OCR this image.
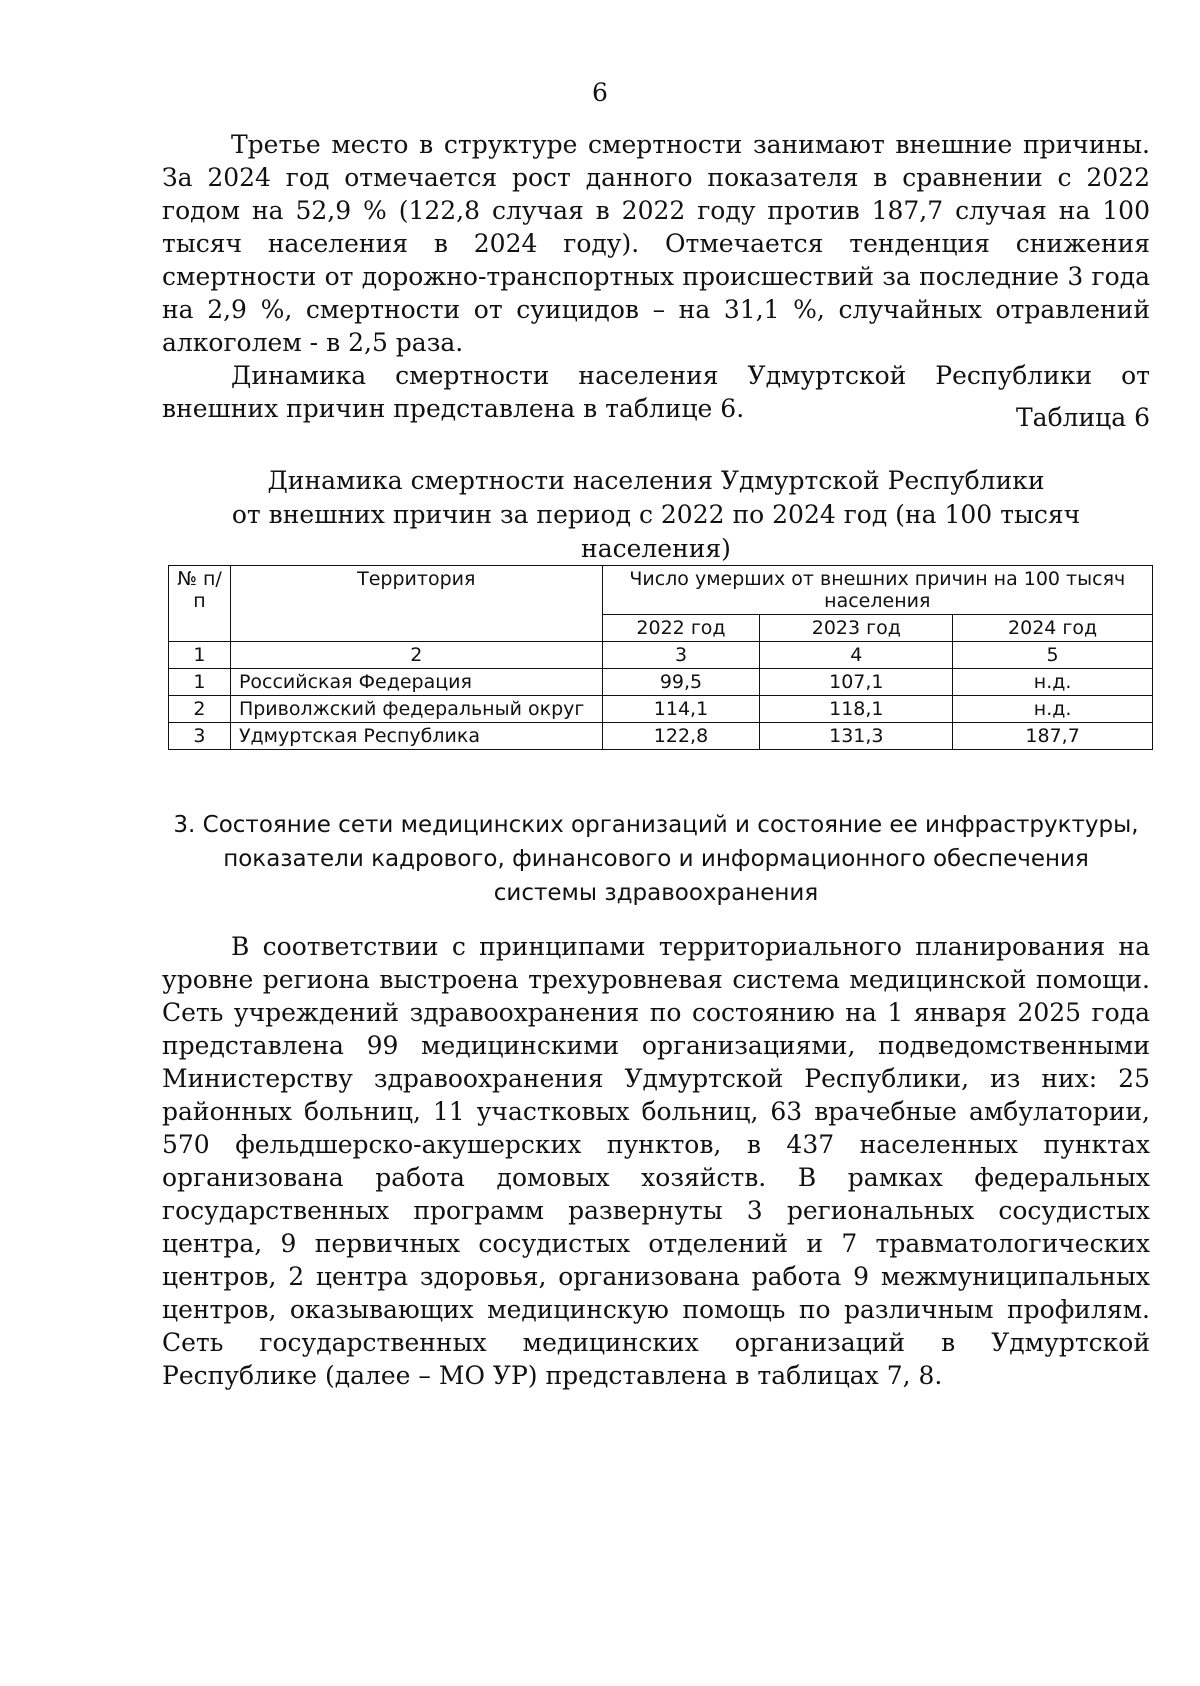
6

Третье место в структуре смертности занимают внешние причины. За 2024 год отмечается рост данного показателя в сравнении с 2022 годом на 52,9 % (122,8 случая в 2022 году против 187,7 случая на 100 тысяч населения в 2024 году). Отмечается тенденция снижения смертности от дорожно-транспортных происшествий за последние 3 года на 2,9 %, смертности от суицидов – на 31,1 %, случайных отравлений алкоголем - в 2,5 раза.

Динамика смертности населения Удмуртской Республики от внешних причин представлена в таблице 6.	Таблица 6
Динамика смертности населения Удмуртской Республики
от внешних причин за период с 2022 по 2024 год (на 100 тысяч населения)
№ п/п	Территория	Число умерших от внешних причин на 100 тысяч населения		
		2022 год	2023 год	2024 год
1	2	3	4	5
1	Российская Федерация	99,5	107,1	н.д.
2	Приволжский федеральный округ	114,1	118,1	н.д.
3	Удмуртская Республика	122,8	131,3	187,7
3. Состояние сети медицинских организаций и состояние ее инфраструктуры,
показатели кадрового, финансового и информационного обеспечения
системы здравоохранения

В соответствии с принципами территориального планирования на уровне региона выстроена трехуровневая система медицинской помощи. Сеть учреждений здравоохранения по состоянию на 1 января 2025 года представлена 99 медицинскими организациями, подведомственными Министерству здравоохранения Удмуртской Республики, из них: 25 районных больниц, 11 участковых больниц, 63 врачебные амбулатории, 570 фельдшерско-акушерских пунктов, в 437 населенных пунктах организована работа домовых хозяйств. В рамках федеральных государственных программ развернуты 3 региональных сосудистых центра, 9 первичных сосудистых отделений и 7 травматологических центров, 2 центра здоровья, организована работа 9 межмуниципальных центров, оказывающих медицинскую помощь по различным профилям. Сеть государственных медицинских организаций в Удмуртской Республике (далее – МО УР) представлена в таблицах 7, 8.
